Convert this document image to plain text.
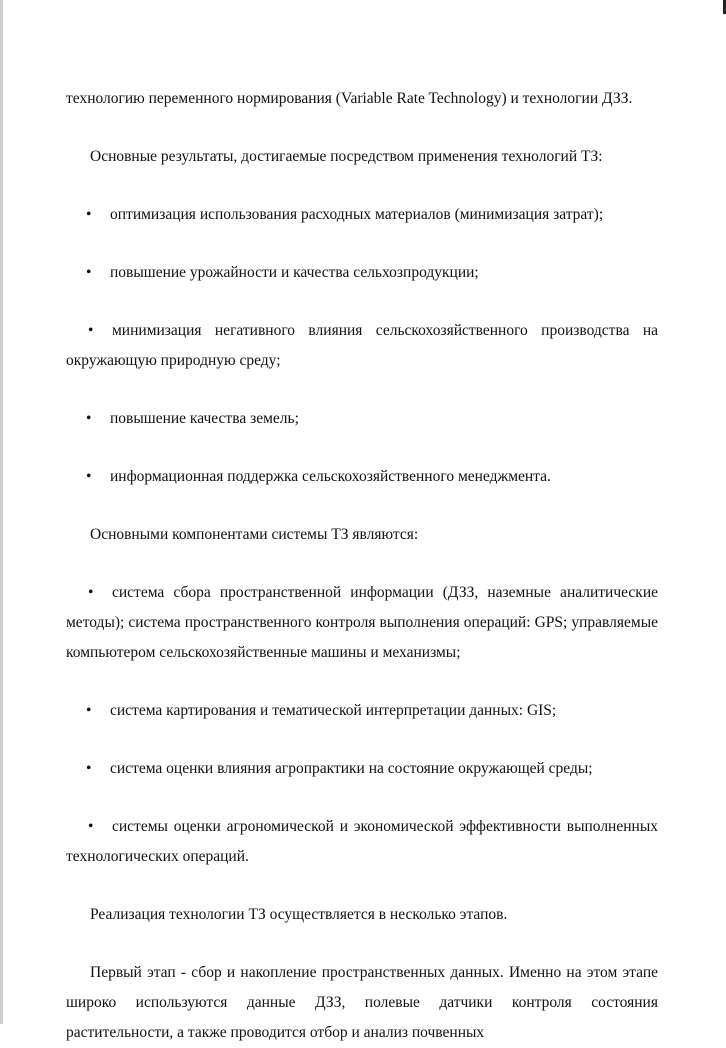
технологию переменного нормирования (Variable Rate Technology) и технологии ДЗЗ.

Основные результаты, достигаемые посредством применения технологий ТЗ:

• оптимизация использования расходных материалов (минимизация затрат);

• повышение урожайности и качества сельхозпродукции;

• минимизация негативного влияния сельскохозяйственного производства на окружающую природную среду;

• повышение качества земель;

• информационная поддержка сельскохозяйственного менеджмента.

Основными компонентами системы ТЗ являются:

• система сбора пространственной информации (ДЗЗ, наземные аналитические методы); система пространственного контроля выполнения операций: GPS; управляемые компьютером сельскохозяйственные машины и механизмы;

• система картирования и тематической интерпретации данных: GIS;

• система оценки влияния агропрактики на состояние окружающей среды;

• системы оценки агрономической и экономической эффективности выполненных технологических операций.

Реализация технологии ТЗ осуществляется в несколько этапов.

Первый этап - сбор и накопление пространственных данных. Именно на этом этапе широко используются данные ДЗЗ, полевые датчики контроля состояния растительности, а также проводится отбор и анализ почвенных
